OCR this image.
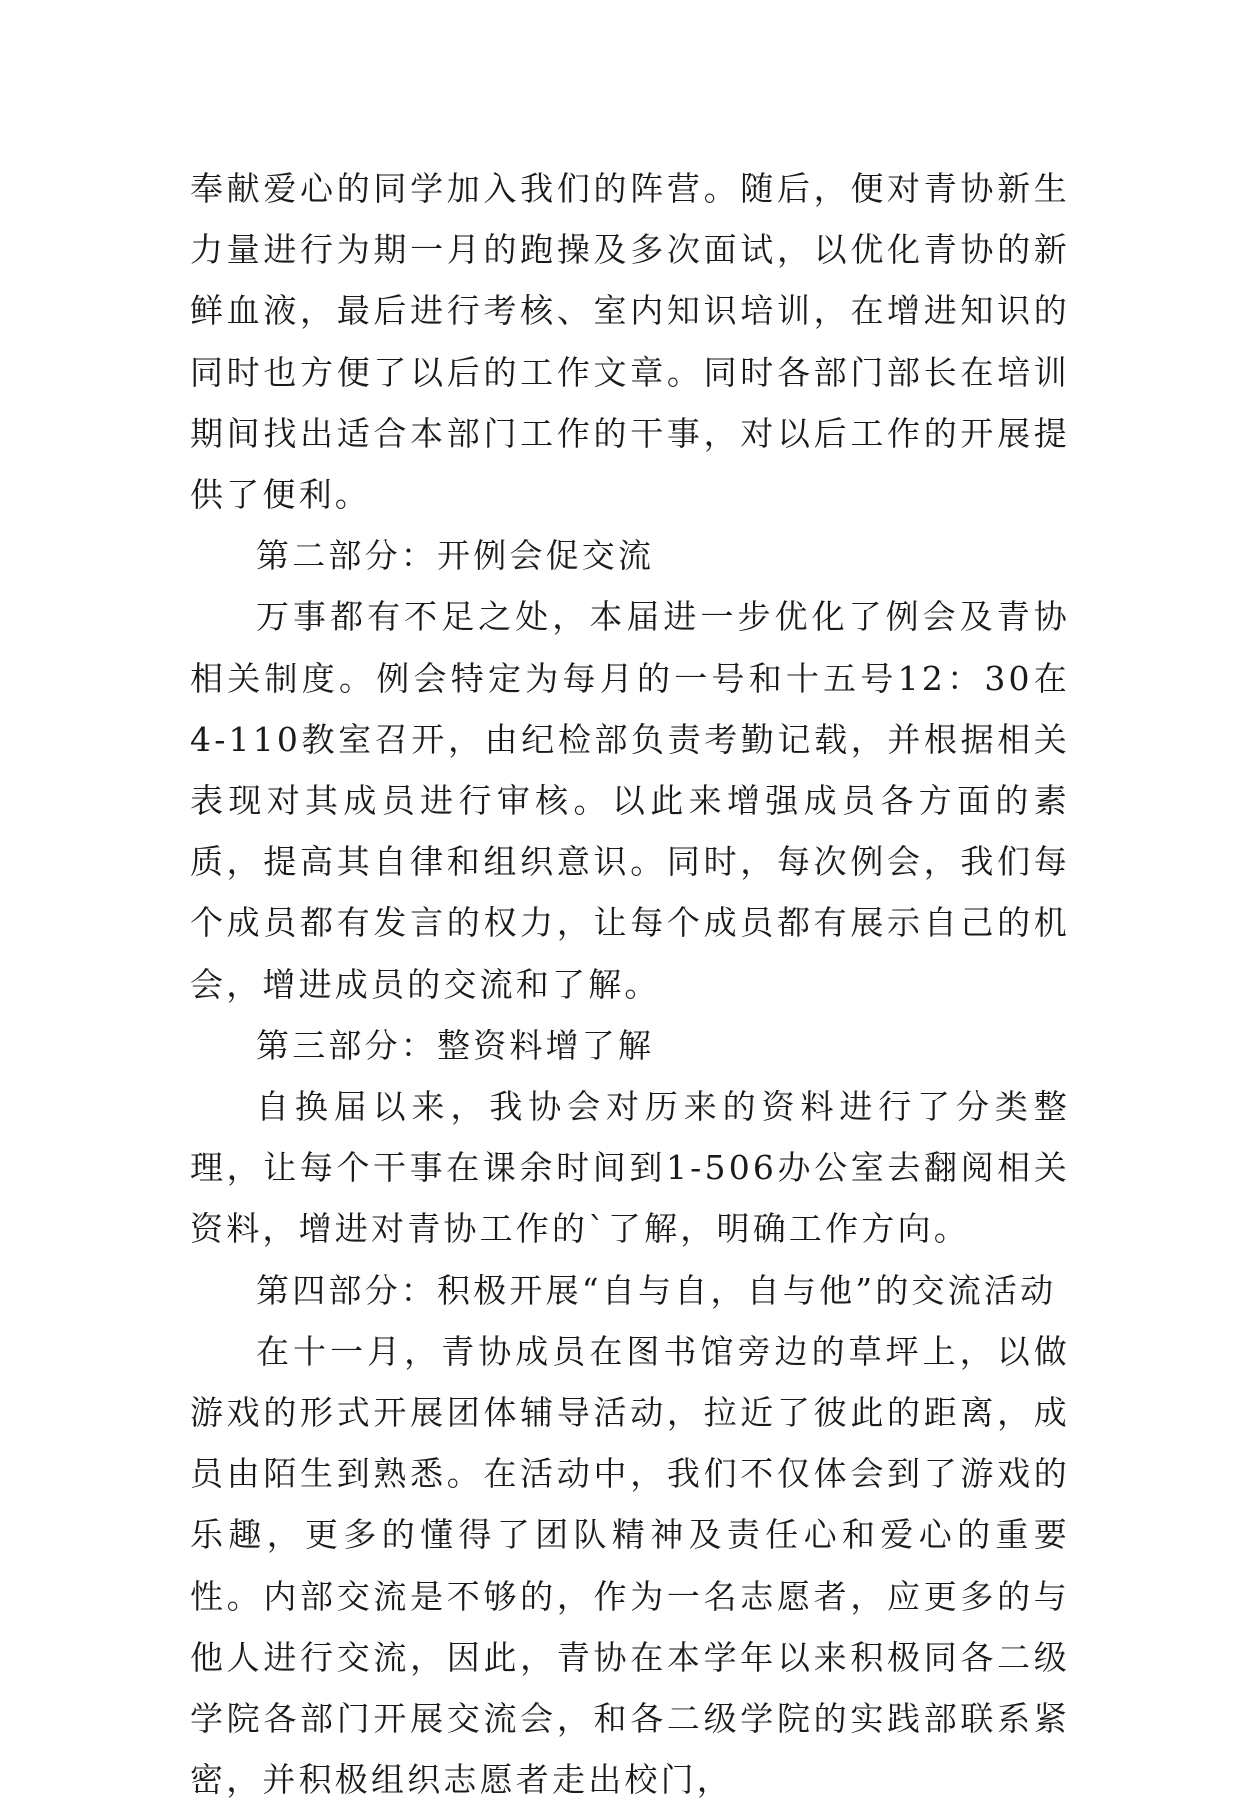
奉献爱心的同学加入我们的阵营。随后，便对青协新生力量进行为期一月的跑操及多次面试，以优化青协的新鲜血液，最后进行考核、室内知识培训，在增进知识的同时也方便了以后的工作文章。同时各部门部长在培训期间找出适合本部门工作的干事，对以后工作的开展提供了便利。

第二部分：开例会促交流

万事都有不足之处，本届进一步优化了例会及青协相关制度。例会特定为每月的一号和十五号12：30在4-110教室召开，由纪检部负责考勤记载，并根据相关表现对其成员进行审核。以此来增强成员各方面的素质，提高其自律和组织意识。同时，每次例会，我们每个成员都有发言的权力，让每个成员都有展示自己的机会，增进成员的交流和了解。

第三部分：整资料增了解

自换届以来，我协会对历来的资料进行了分类整理，让每个干事在课余时间到1-506办公室去翻阅相关资料，增进对青协工作的`了解，明确工作方向。

第四部分：积极开展“自与自，自与他”的交流活动

在十一月，青协成员在图书馆旁边的草坪上，以做游戏的形式开展团体辅导活动，拉近了彼此的距离，成员由陌生到熟悉。在活动中，我们不仅体会到了游戏的乐趣，更多的懂得了团队精神及责任心和爱心的重要性。内部交流是不够的，作为一名志愿者，应更多的与他人进行交流，因此，青协在本学年以来积极同各二级学院各部门开展交流会，和各二级学院的实践部联系紧密，并积极组织志愿者走出校门，
